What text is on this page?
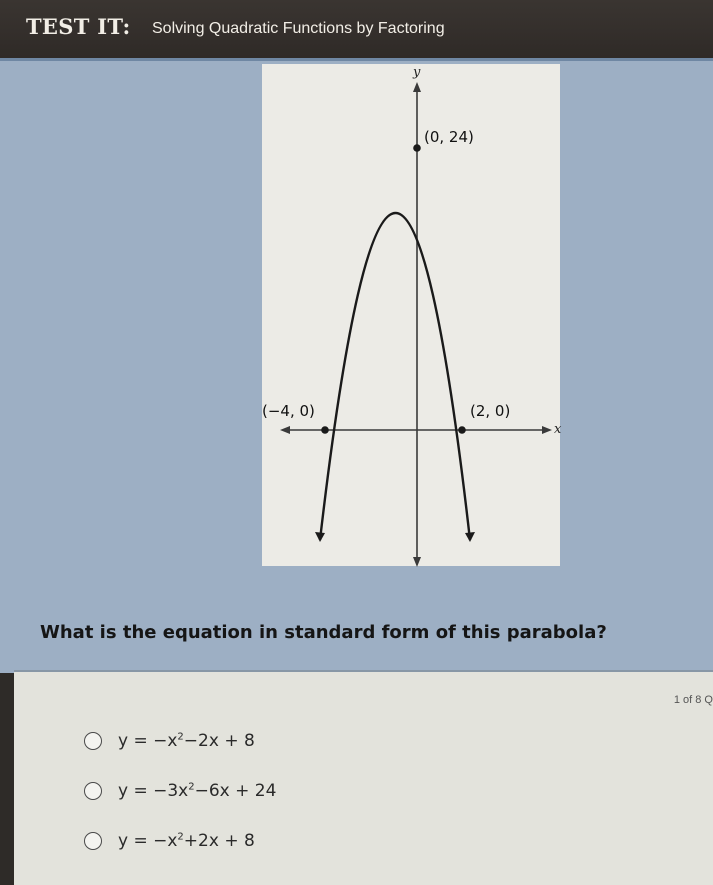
TEST IT: Solving Quadratic Functions by Factoring
y
x
(0, 24)
(−4, 0)	(2, 0)
What is the equation in standard form of this parabola?
1 of 8 Q
$y = -x^2-2x + 8$
$y = -3x^2-6x + 24$
$y = -x^2+2x + 8$
